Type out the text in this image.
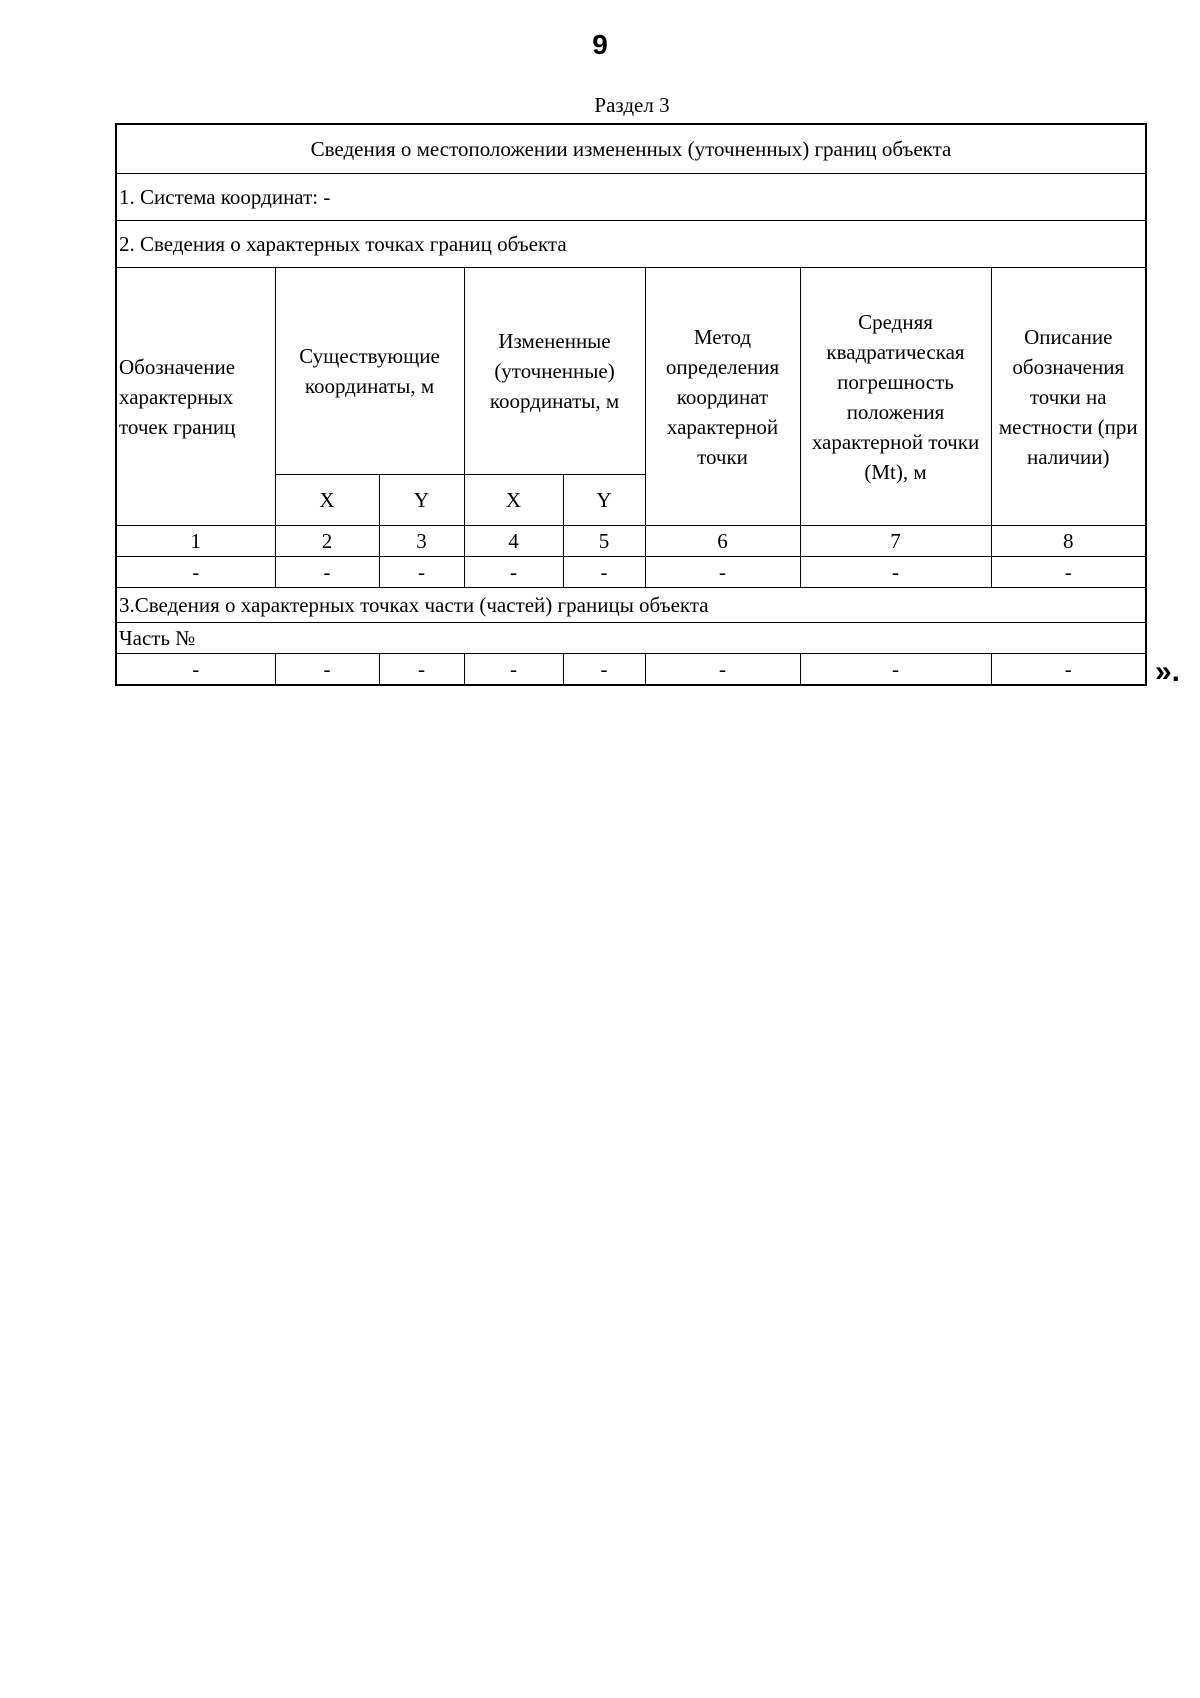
9
Раздел 3
Сведения о местоположении измененных (уточненных) границ объекта							
1. Система координат: -							
2. Сведения о характерных точках границ объекта							
Обозначение характерных точек границ	Существующие координаты, м		Измененные (уточненные) координаты, м		Метод определения координат характерной точки	Средняя квадратическая погрешность положения характерной точки (Mt), м	Описание обозначения точки на местности (при наличии)
	X	Y	X	Y			
1	2	3	4	5	6	7	8
-	-	-	-	-	-	-	-
3.Сведения о характерных точках части (частей) границы объекта							
Часть №							
-	-	-	-	-	-	-	-	».
